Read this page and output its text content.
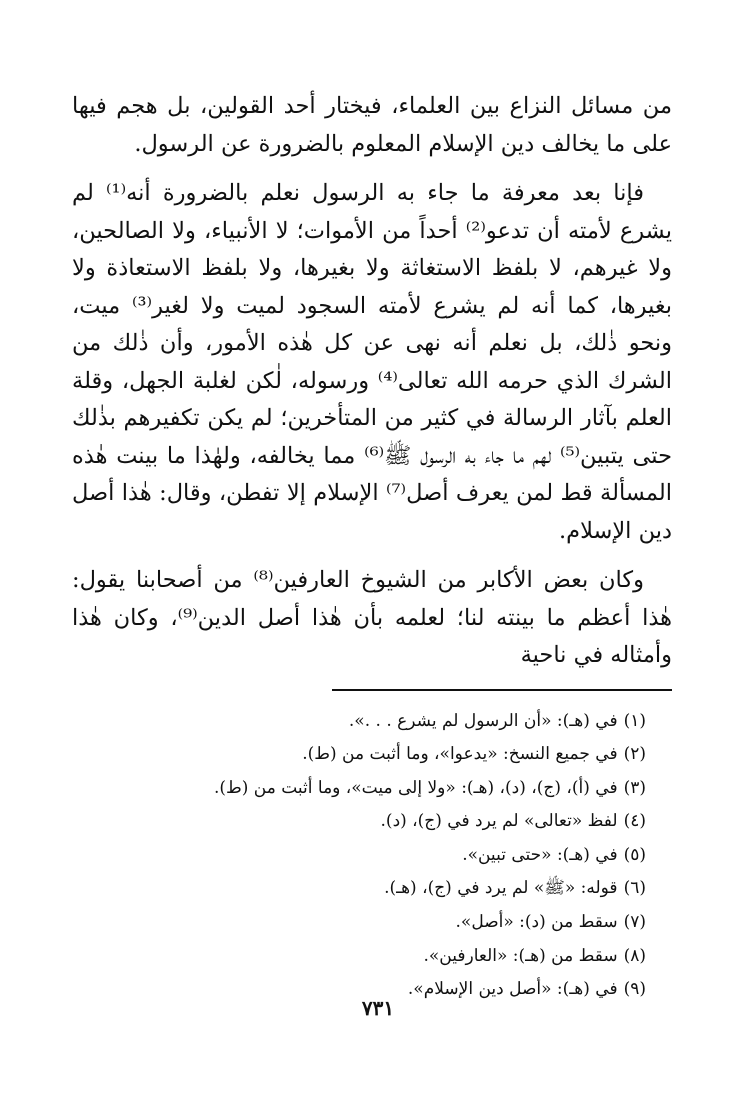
من مسائل النزاع بين العلماء، فيختار أحد القولين، بل هجم فيها على ما يخالف دين الإسلام المعلوم بالضرورة عن الرسول.

فإنا بعد معرفة ما جاء به الرسول نعلم بالضرورة أنه⁽¹⁾ لم يشرع لأمته أن تدعو⁽²⁾ أحداً من الأموات؛ لا الأنبياء، ولا الصالحين، ولا غيرهم، لا بلفظ الاستغاثة ولا بغيرها، ولا بلفظ الاستعاذة ولا بغيرها، كما أنه لم يشرع لأمته السجود لميت ولا لغير⁽³⁾ ميت، ونحو ذٰلك، بل نعلم أنه نهى عن كل هٰذه الأمور، وأن ذٰلك من الشرك الذي حرمه الله تعالى⁽⁴⁾ ورسوله، لٰكن لغلبة الجهل، وقلة العلم بآثار الرسالة في كثير من المتأخرين؛ لم يكن تكفيرهم بذٰلك حتى يتبين⁽⁵⁾ لهم ما جاء به الرسول ﷺ⁽⁶⁾ مما يخالفه، ولهٰذا ما بينت هٰذه المسألة قط لمن يعرف أصل⁽⁷⁾ الإسلام إلا تفطن، وقال: هٰذا أصل دين الإسلام.

وكان بعض الأكابر من الشيوخ العارفين⁽⁸⁾ من أصحابنا يقول: هٰذا أعظم ما بينته لنا؛ لعلمه بأن هٰذا أصل الدين⁽⁹⁾، وكان هٰذا وأمثاله في ناحية

(١)في (هـ): «أن الرسول لم يشرع . . .».
(٢)في جميع النسخ: «يدعوا»، وما أثبت من (ط).
(٣)في (أ)، (ج)، (د)، (هـ): «ولا إلى ميت»، وما أثبت من (ط).
(٤)لفظ «تعالى» لم يرد في (ج)، (د).
(٥)في (هـ): «حتى تبين».
(٦)قوله: «ﷺ» لم يرد في (ج)، (هـ).
(٧)سقط من (د): «أصل».
(٨)سقط من (هـ): «العارفين».
(٩)في (هـ): «أصل دين الإسلام».
٧٣١
